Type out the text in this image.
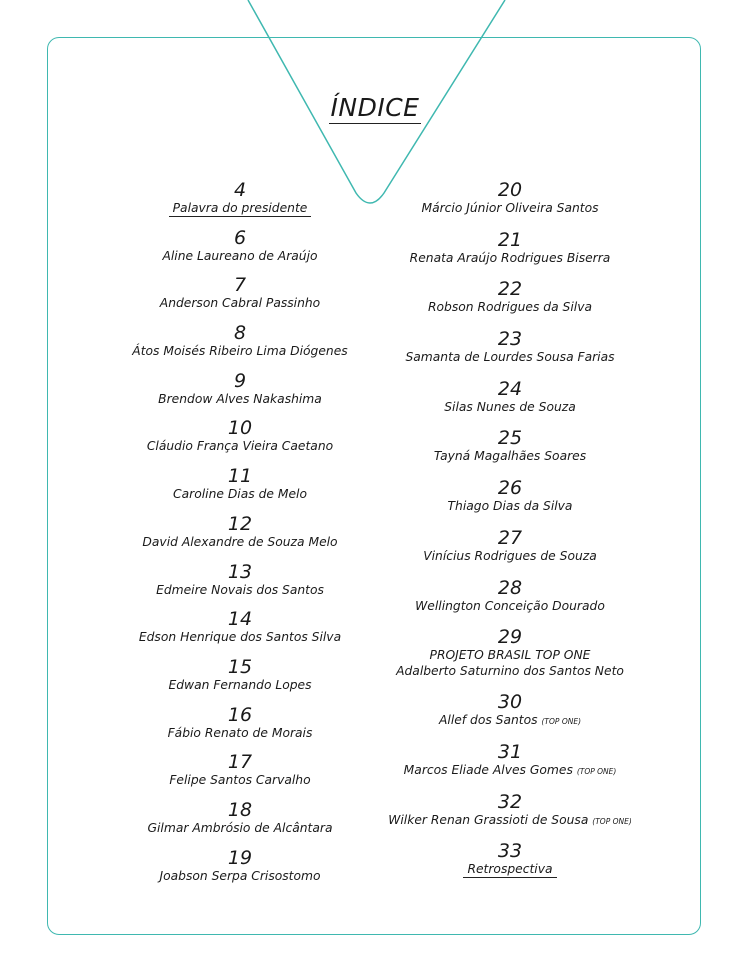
ÍNDICE
4
Palavra do presidente
6
Aline Laureano de Araújo
7
Anderson Cabral Passinho
8
Átos Moisés Ribeiro Lima Diógenes
9
Brendow Alves Nakashima
10
Cláudio França Vieira Caetano
11
Caroline Dias de Melo
12
David Alexandre de Souza Melo
13
Edmeire Novais dos Santos
14
Edson Henrique dos Santos Silva
15
Edwan Fernando Lopes
16
Fábio Renato de Morais
17
Felipe Santos Carvalho
18
Gilmar Ambrósio de Alcântara
19
Joabson Serpa Crisostomo
20
Márcio Júnior Oliveira Santos
21
Renata Araújo Rodrigues Biserra
22
Robson Rodrigues da Silva
23
Samanta de Lourdes Sousa Farias
24
Silas Nunes de Souza
25
Tayná Magalhães Soares
26
Thiago Dias da Silva
27
Vinícius Rodrigues de Souza
28
Wellington Conceição Dourado
29
PROJETO BRASIL TOP ONE
Adalberto Saturnino dos Santos Neto
30
Allef dos Santos (TOP ONE)
31
Marcos Eliade Alves Gomes (TOP ONE)
32
Wilker Renan Grassioti de Sousa (TOP ONE)
33
Retrospectiva
